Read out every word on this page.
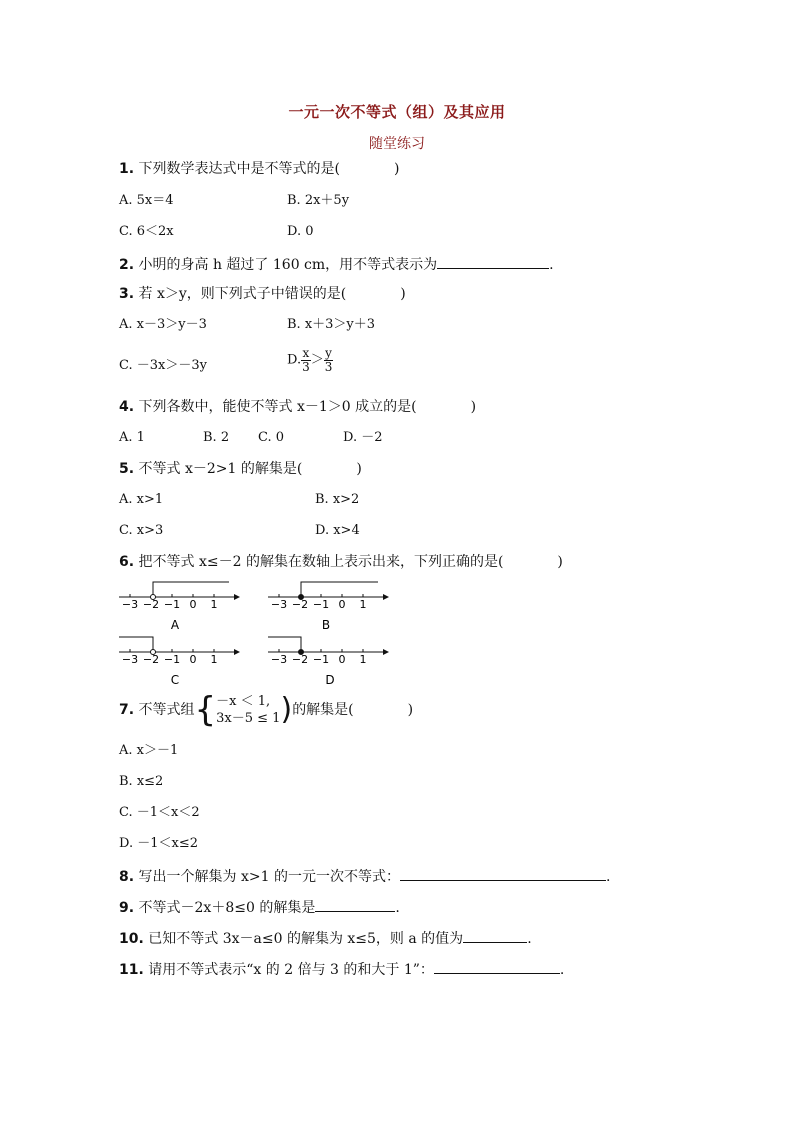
一元一次不等式（组）及其应用
随堂练习
1. 下列数学表达式中是不等式的是(	)
A. 5x＝4	B. 2x＋5y
C. 6＜2x	D. 0
2. 小明的身高 h 超过了 160 cm，用不等式表示为	.
3. 若 x＞y，则下列式子中错误的是(	)
A. x－3＞y－3	B. x＋3＞y＋3
C. －3x＞－3y	D. $\frac{x}{3} > \frac{y}{3}$
4. 下列各数中，能使不等式 x－1＞0 成立的是(	)
A. 1	B. 2 C. 0	D. －2
5. 不等式 x－2>1 的解集是(	)
A. x>1	B. x>2
C. x>3	D. x>4
6. 把不等式 x≤－2 的解集在数轴上表示出来，下列正确的是(	)
−3 −2 −1 0 1
A
−3 −2 −1 0 1
B
−3 −2 −1 0 1
C
−3 −2 −1 0 1
D
7. 不等式组{ －x ＜ 1,
3x－5 ≤ 1 )的解集是(	)
A. x＞－1
B. x≤2
C. －1＜x＜2
D. －1＜x≤2
8. 写出一个解集为 x>1 的一元一次不等式：	.
9. 不等式－2x＋8≤0 的解集是	.
10. 已知不等式 3x－a≤0 的解集为 x≤5，则 a 的值为	.
11. 请用不等式表示“x 的 2 倍与 3 的和大于 1”：	.
